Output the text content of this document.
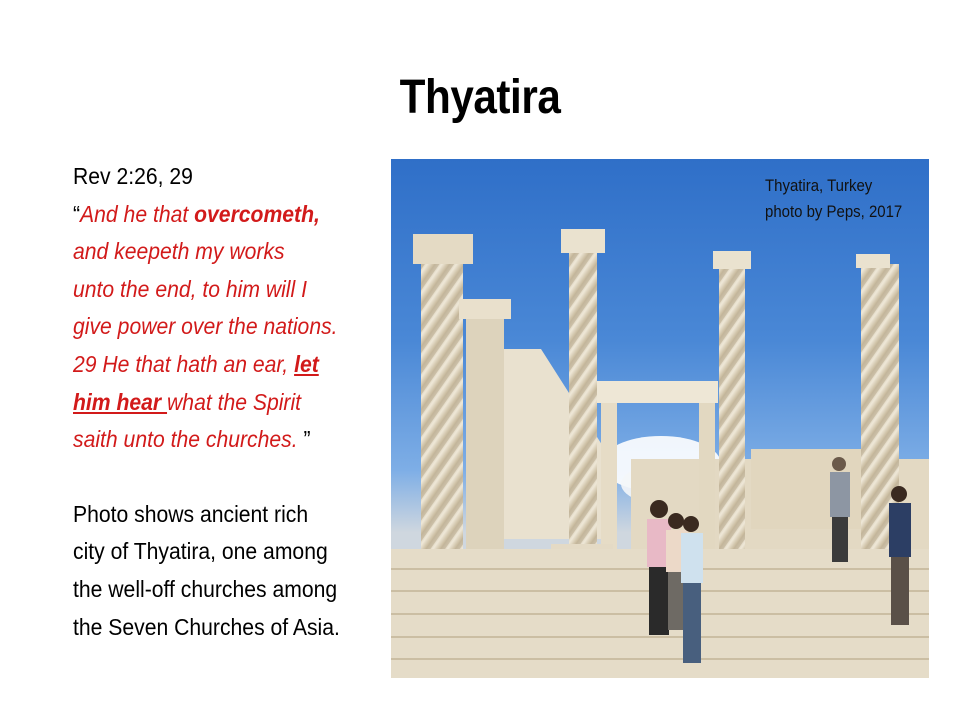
Thyatira
Rev 2:26, 29
“And he that overcometh,
and keepeth my works
unto the end, to him will I
give power over the nations.
29 He that hath an ear, let
him hear what the Spirit
saith unto the churches. ”
Photo shows ancient rich
city of Thyatira, one among
the well-off churches among
the Seven Churches of Asia.
Thyatira, Turkey
photo by Peps, 2017
